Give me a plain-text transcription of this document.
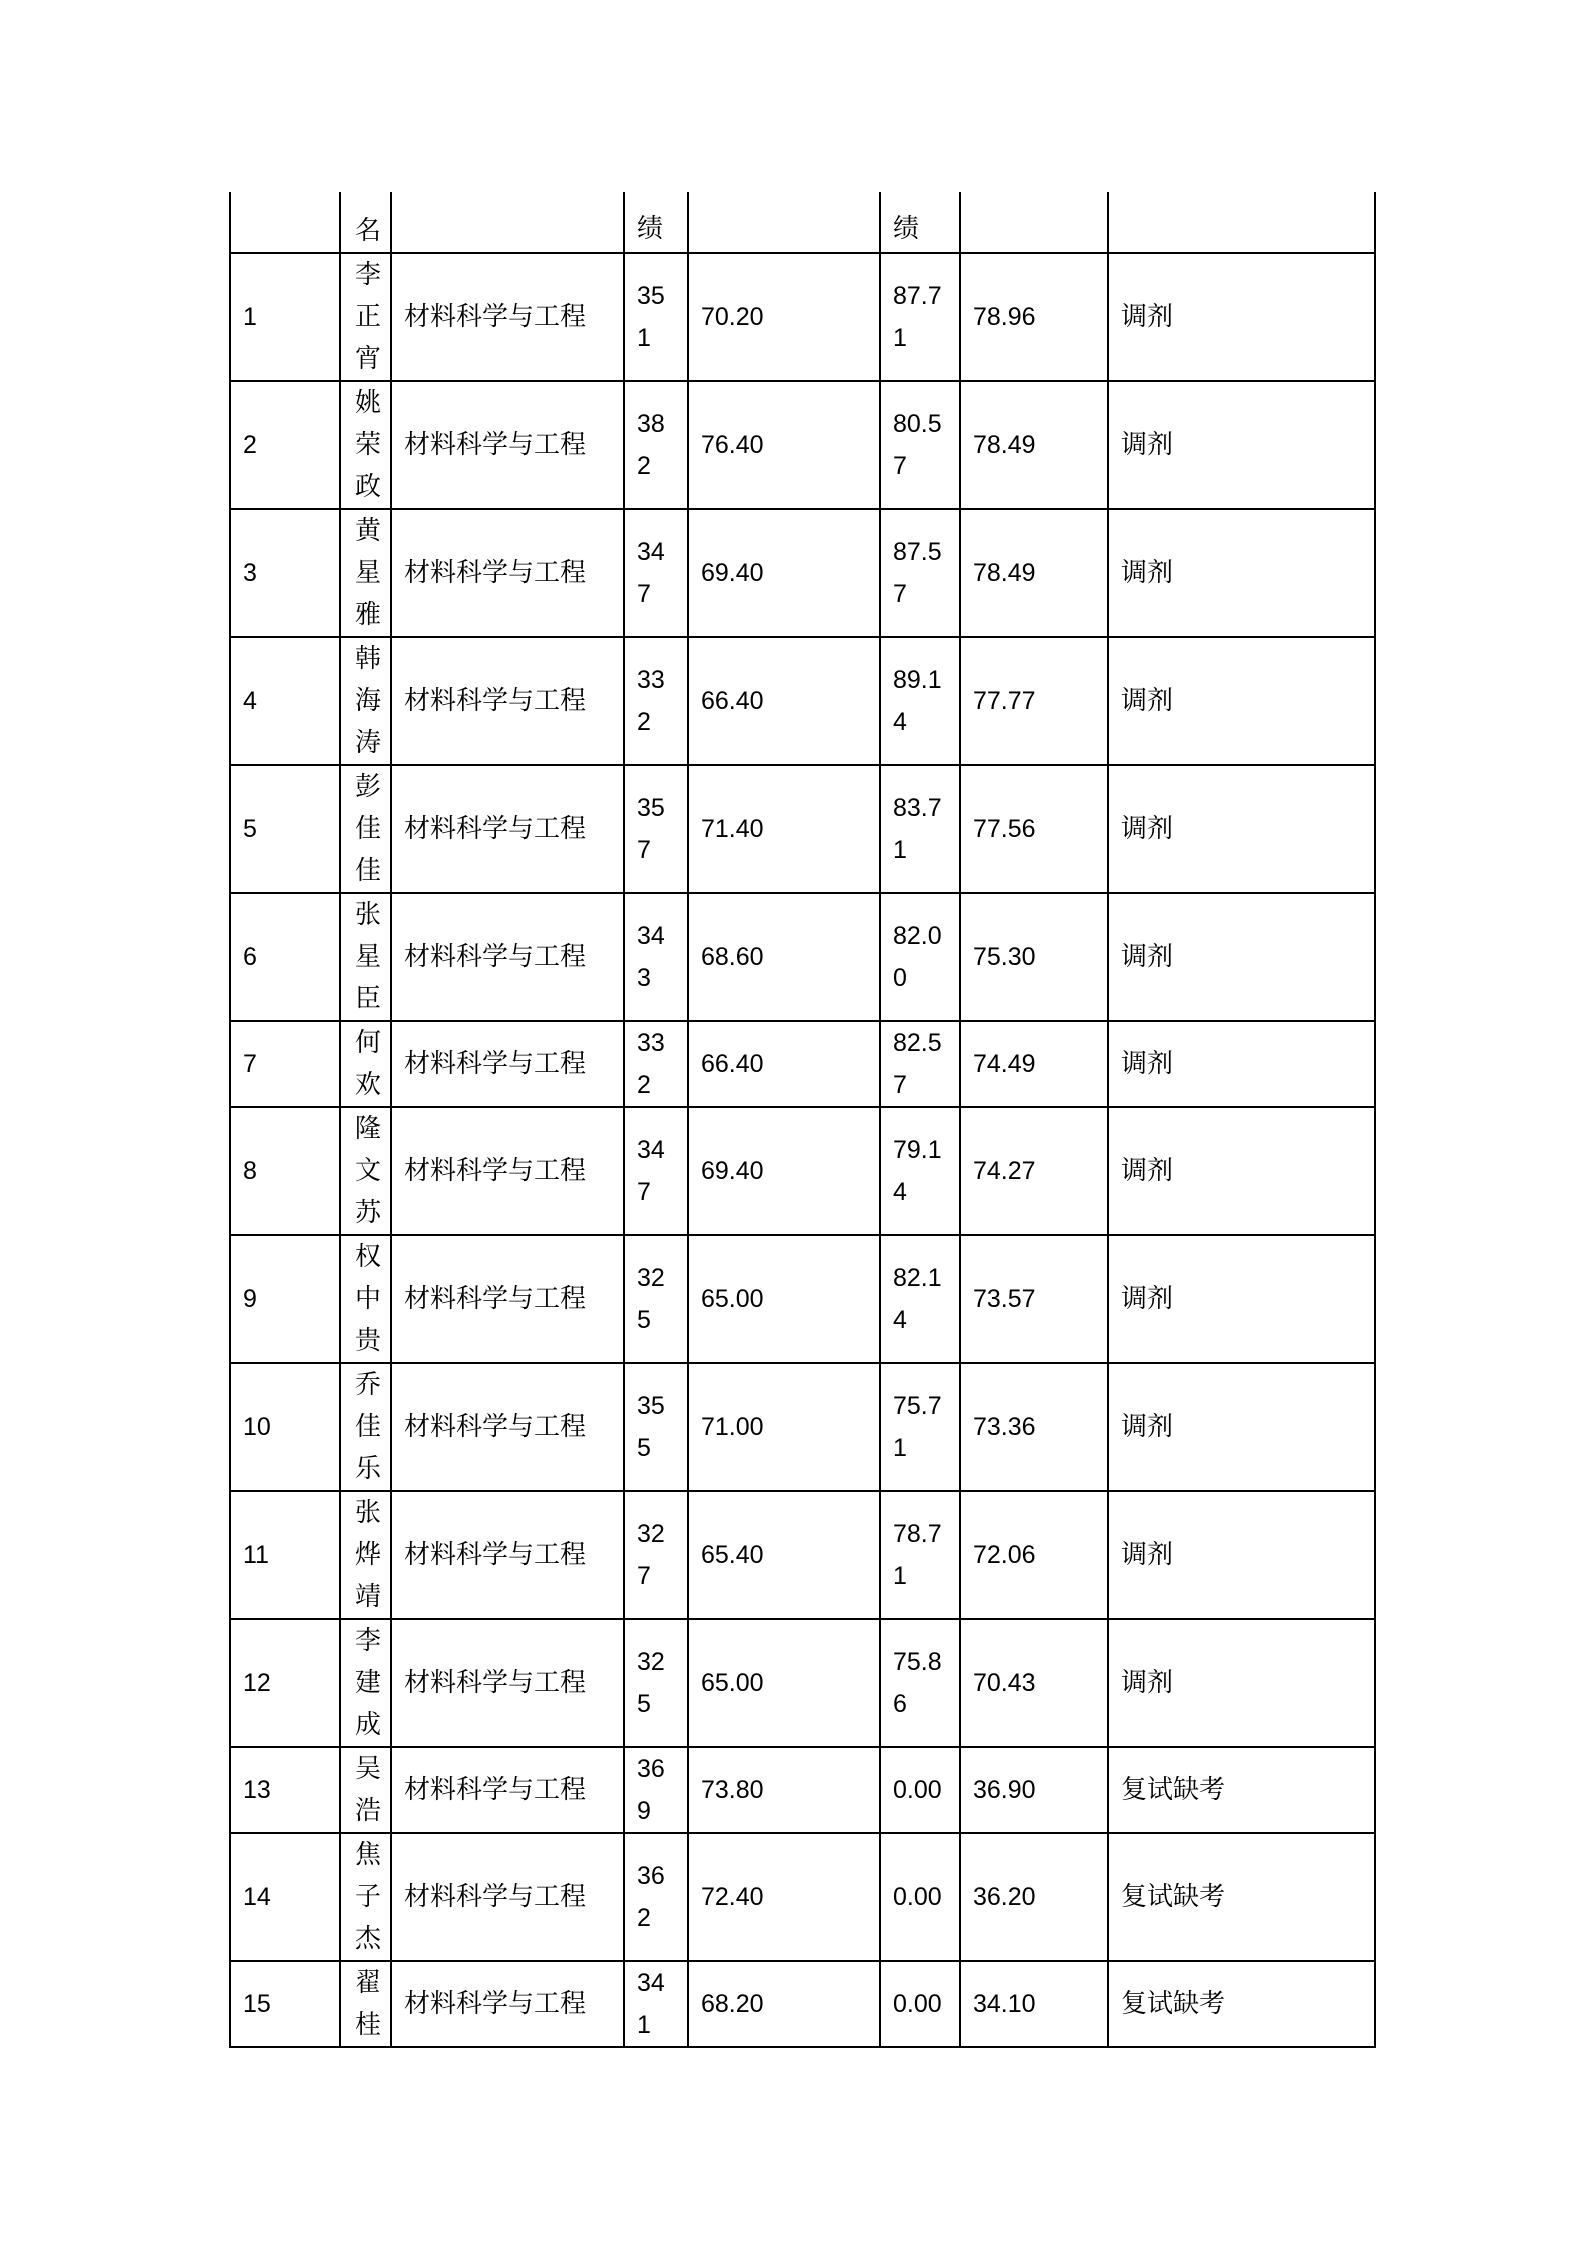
	名		绩		绩		
1	李正宵	材料科学与工程	351	70.20	87.71	78.96	调剂
2	姚荣政	材料科学与工程	382	76.40	80.57	78.49	调剂
3	黄星雅	材料科学与工程	347	69.40	87.57	78.49	调剂
4	韩海涛	材料科学与工程	332	66.40	89.14	77.77	调剂
5	彭佳佳	材料科学与工程	357	71.40	83.71	77.56	调剂
6	张星臣	材料科学与工程	343	68.60	82.00	75.30	调剂
7	何欢	材料科学与工程	332	66.40	82.57	74.49	调剂
8	隆文苏	材料科学与工程	347	69.40	79.14	74.27	调剂
9	权中贵	材料科学与工程	325	65.00	82.14	73.57	调剂
10	乔佳乐	材料科学与工程	355	71.00	75.71	73.36	调剂
11	张烨靖	材料科学与工程	327	65.40	78.71	72.06	调剂
12	李建成	材料科学与工程	325	65.00	75.86	70.43	调剂
13	吴浩	材料科学与工程	369	73.80	0.00	36.90	复试缺考
14	焦子杰	材料科学与工程	362	72.40	0.00	36.20	复试缺考
15	翟桂	材料科学与工程	341	68.20	0.00	34.10	复试缺考
